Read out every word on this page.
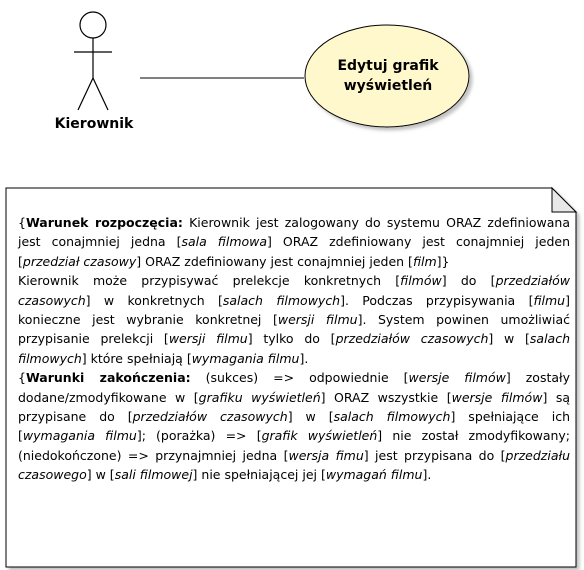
Kierownik
Edytuj grafik
wyświetleń

{Warunek rozpoczęcia: Kierownik jest zalogowany do systemu ORAZ zdefiniowana jest conajmniej jedna [sala filmowa] ORAZ zdefiniowany jest conajmniej jeden [przedział czasowy] ORAZ zdefiniowany jest conajmniej jeden [film]}

Kierownik może przypisywać prelekcje konkretnych [filmów] do [przedziałów czasowych] w konkretnych [salach filmowych]. Podczas przypisywania [filmu] konieczne jest wybranie konkretnej [wersji filmu]. System powinen umożliwiać przypisanie prelekcji [wersji filmu] tylko do [przedziałów czasowych] w [salach filmowych] które spełniają [wymagania filmu].

{Warunki zakończenia: (sukces) => odpowiednie [wersje filmów] zostały dodane/zmodyfikowane w [grafiku wyświetleń] ORAZ wszystkie [wersje filmów] są przypisane do [przedziałów czasowych] w [salach filmowych] spełniające ich [wymagania filmu]; (porażka) => [grafik wyświetleń] nie został zmodyfikowany; (niedokończone) => przynajmniej jedna [wersja fimu] jest przypisana do [przedziału czasowego] w [sali filmowej] nie spełniającej jej [wymagań filmu].
